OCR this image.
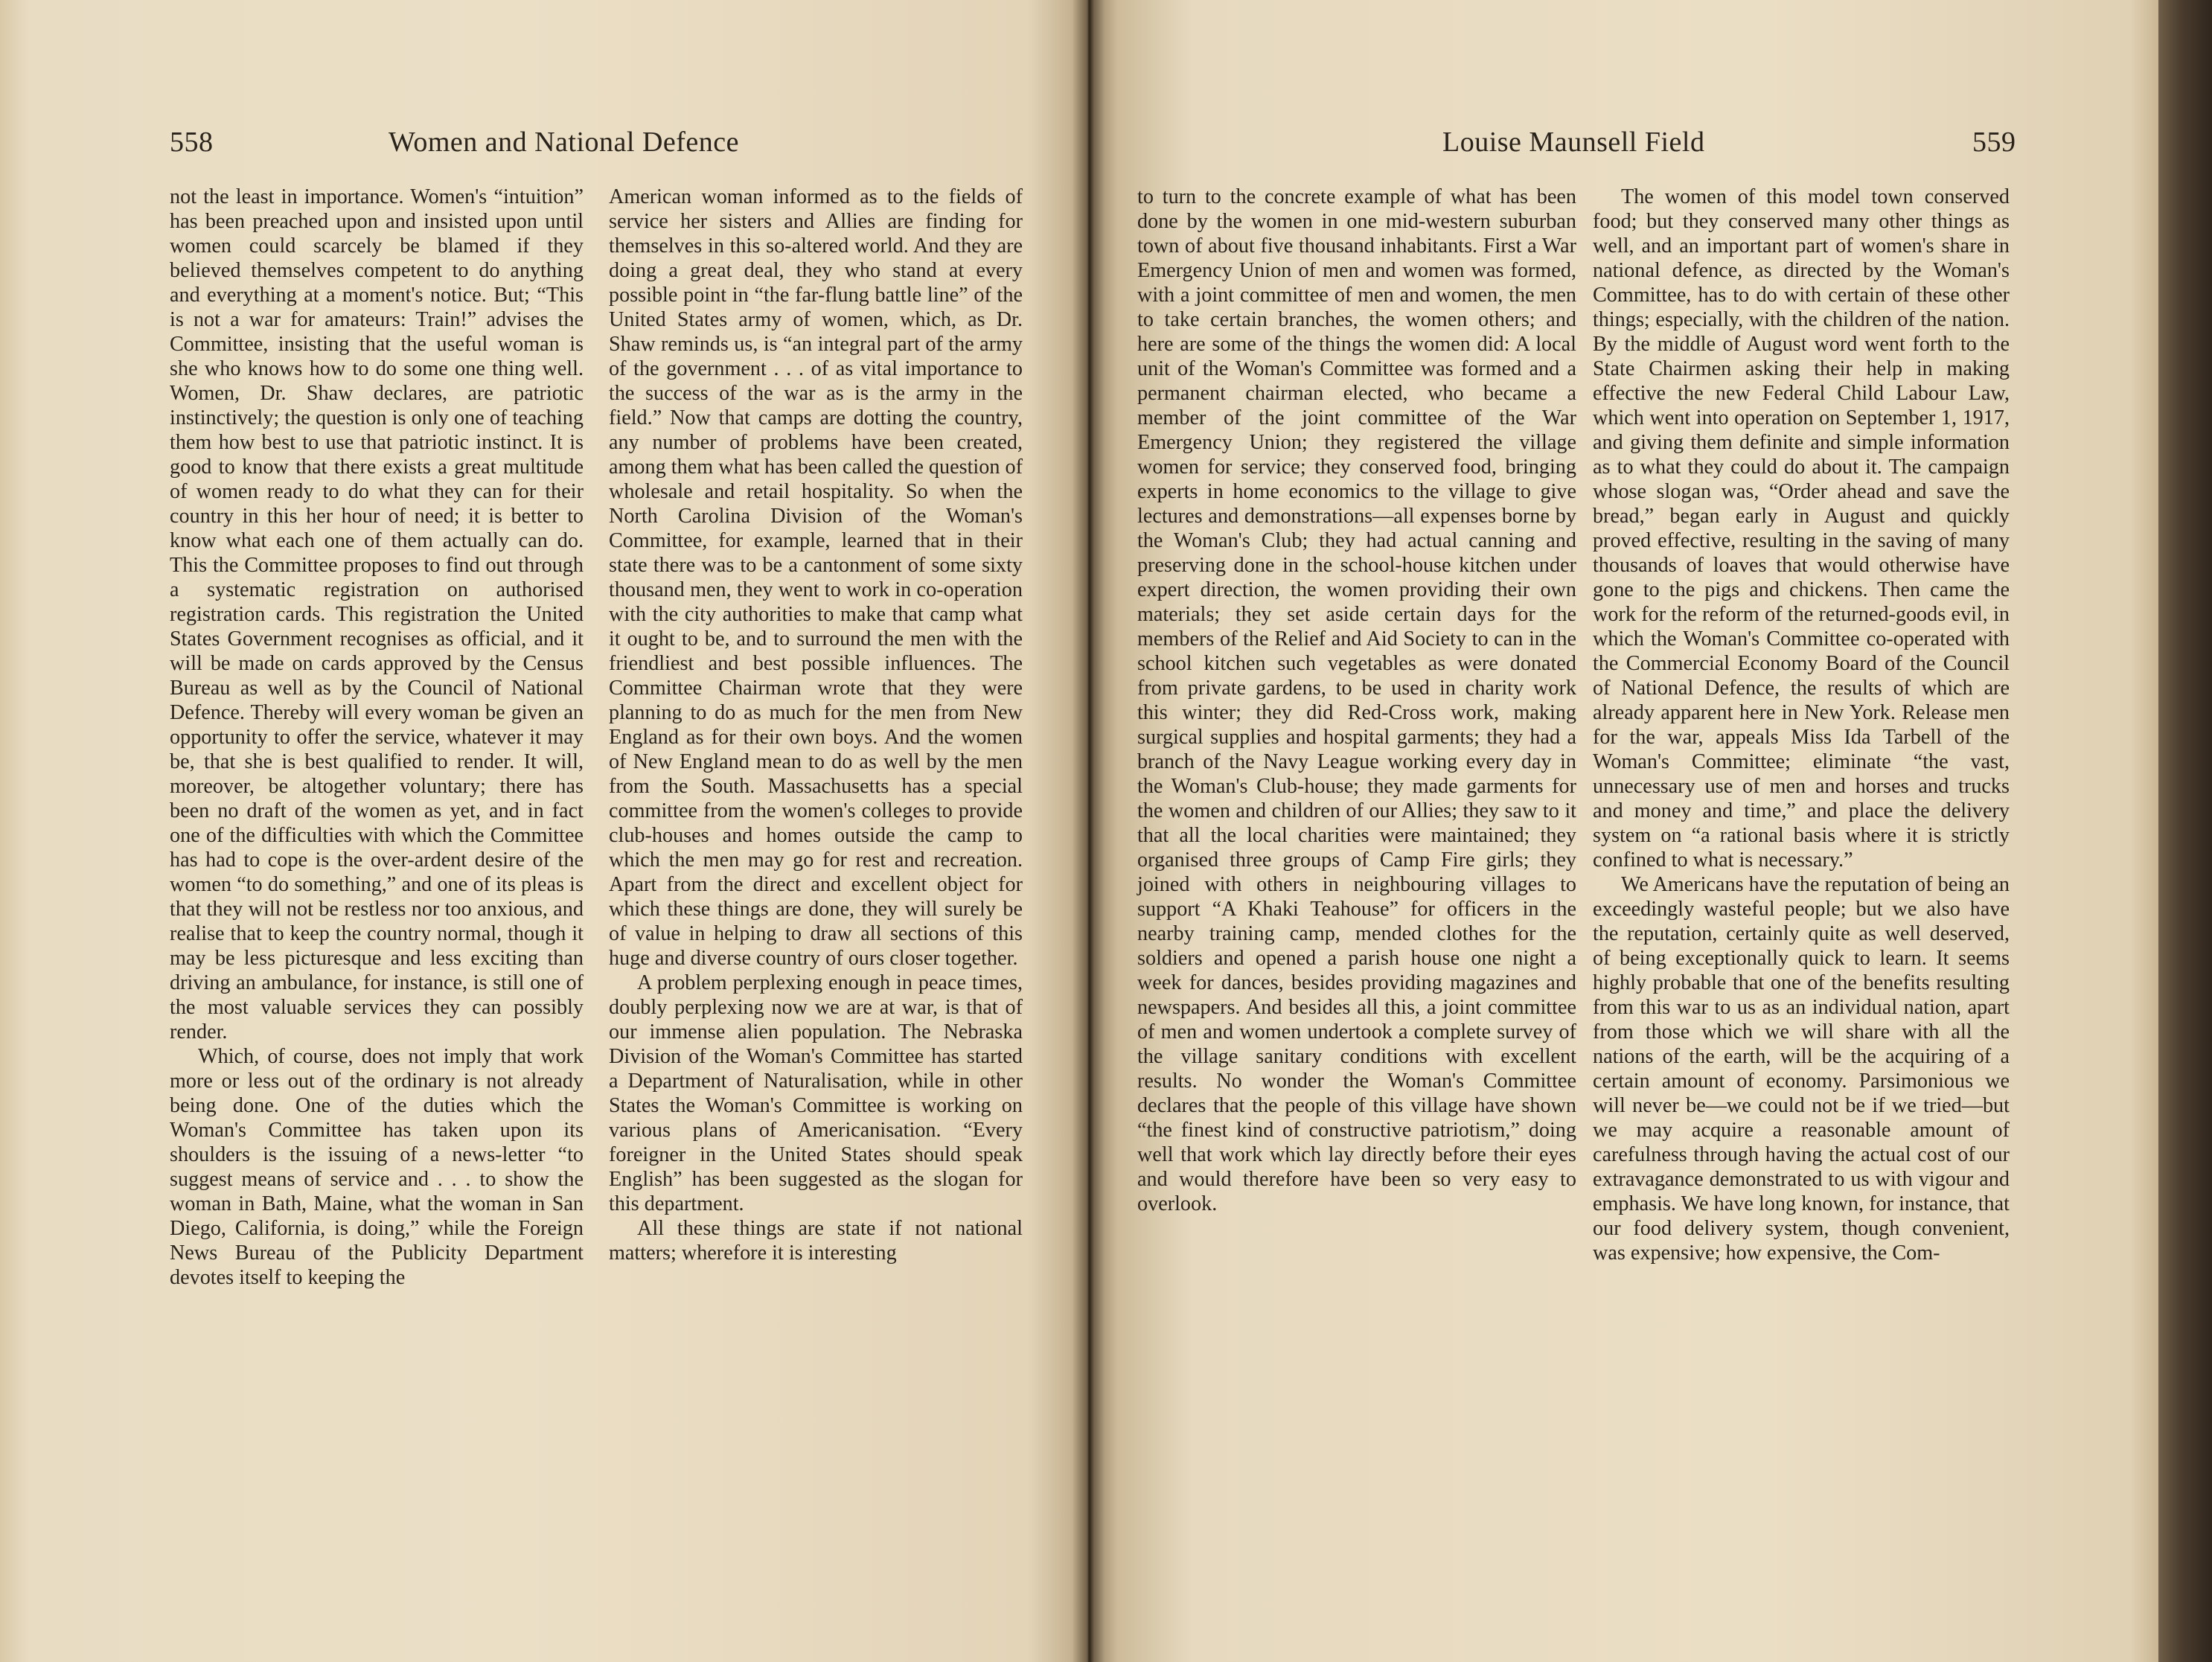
558	Women and National Defence

not the least in importance. Women's “intuition” has been preached upon and insisted upon until women could scarcely be blamed if they believed themselves competent to do anything and everything at a moment's notice. But; “This is not a war for amateurs: Train!” advises the Committee, insisting that the useful woman is she who knows how to do some one thing well. Women, Dr. Shaw declares, are patriotic instinctively; the question is only one of teaching them how best to use that patriotic instinct. It is good to know that there exists a great multitude of women ready to do what they can for their country in this her hour of need; it is better to know what each one of them actually can do. This the Committee proposes to find out through a systematic registration on authorised registration cards. This registration the United States Government recognises as official, and it will be made on cards approved by the Census Bureau as well as by the Council of National Defence. Thereby will every woman be given an opportunity to offer the service, whatever it may be, that she is best qualified to render. It will, moreover, be altogether voluntary; there has been no draft of the women as yet, and in fact one of the difficulties with which the Committee has had to cope is the over-ardent desire of the women “to do something,” and one of its pleas is that they will not be restless nor too anxious, and realise that to keep the country normal, though it may be less picturesque and less exciting than driving an ambulance, for instance, is still one of the most valuable services they can possibly render.

Which, of course, does not imply that work more or less out of the ordinary is not already being done. One of the duties which the Woman's Committee has taken upon its shoulders is the issuing of a news-letter “to suggest means of service and . . . to show the woman in Bath, Maine, what the woman in San Diego, California, is doing,” while the Foreign News Bureau of the Publicity Department devotes itself to keeping the

American woman informed as to the fields of service her sisters and Allies are finding for themselves in this so-altered world. And they are doing a great deal, they who stand at every possible point in “the far-flung battle line” of the United States army of women, which, as Dr. Shaw reminds us, is “an integral part of the army of the government . . . of as vital importance to the success of the war as is the army in the field.” Now that camps are dotting the country, any number of problems have been created, among them what has been called the question of wholesale and retail hospitality. So when the North Carolina Division of the Woman's Committee, for example, learned that in their state there was to be a cantonment of some sixty thousand men, they went to work in co-operation with the city authorities to make that camp what it ought to be, and to surround the men with the friendliest and best possible influences. The Committee Chairman wrote that they were planning to do as much for the men from New England as for their own boys. And the women of New England mean to do as well by the men from the South. Massachusetts has a special committee from the women's colleges to provide club-houses and homes outside the camp to which the men may go for rest and recreation. Apart from the direct and excellent object for which these things are done, they will surely be of value in helping to draw all sections of this huge and diverse country of ours closer together.

A problem perplexing enough in peace times, doubly perplexing now we are at war, is that of our immense alien population. The Nebraska Division of the Woman's Committee has started a Department of Naturalisation, while in other States the Woman's Committee is working on various plans of Americanisation. “Every foreigner in the United States should speak English” has been suggested as the slogan for this department.

All these things are state if not national matters; wherefore it is interesting

Louise Maunsell Field	559

to turn to the concrete example of what has been done by the women in one mid-western suburban town of about five thousand inhabitants. First a War Emergency Union of men and women was formed, with a joint committee of men and women, the men to take certain branches, the women others; and here are some of the things the women did: A local unit of the Woman's Committee was formed and a permanent chairman elected, who became a member of the joint committee of the War Emergency Union; they registered the village women for service; they conserved food, bringing experts in home economics to the village to give lectures and demonstrations—all expenses borne by the Woman's Club; they had actual canning and preserving done in the school-house kitchen under expert direction, the women providing their own materials; they set aside certain days for the members of the Relief and Aid Society to can in the school kitchen such vegetables as were donated from private gardens, to be used in charity work this winter; they did Red-Cross work, making surgical supplies and hospital garments; they had a branch of the Navy League working every day in the Woman's Club-house; they made garments for the women and children of our Allies; they saw to it that all the local charities were maintained; they organised three groups of Camp Fire girls; they joined with others in neighbouring villages to support “A Khaki Teahouse” for officers in the nearby training camp, mended clothes for the soldiers and opened a parish house one night a week for dances, besides providing magazines and newspapers. And besides all this, a joint committee of men and women undertook a complete survey of the village sanitary conditions with excellent results. No wonder the Woman's Committee declares that the people of this village have shown “the finest kind of constructive patriotism,” doing well that work which lay directly before their eyes and would therefore have been so very easy to overlook.

The women of this model town conserved food; but they conserved many other things as well, and an important part of women's share in national defence, as directed by the Woman's Committee, has to do with certain of these other things; especially, with the children of the nation. By the middle of August word went forth to the State Chairmen asking their help in making effective the new Federal Child Labour Law, which went into operation on September 1, 1917, and giving them definite and simple information as to what they could do about it. The campaign whose slogan was, “Order ahead and save the bread,” began early in August and quickly proved effective, resulting in the saving of many thousands of loaves that would otherwise have gone to the pigs and chickens. Then came the work for the reform of the returned-goods evil, in which the Woman's Committee co-operated with the Commercial Economy Board of the Council of National Defence, the results of which are already apparent here in New York. Release men for the war, appeals Miss Ida Tarbell of the Woman's Committee; eliminate “the vast, unnecessary use of men and horses and trucks and money and time,” and place the delivery system on “a rational basis where it is strictly confined to what is necessary.”

We Americans have the reputation of being an exceedingly wasteful people; but we also have the reputation, certainly quite as well deserved, of being exceptionally quick to learn. It seems highly probable that one of the benefits resulting from this war to us as an individual nation, apart from those which we will share with all the nations of the earth, will be the acquiring of a certain amount of economy. Parsimonious we will never be—we could not be if we tried—but we may acquire a reasonable amount of carefulness through having the actual cost of our extravagance demonstrated to us with vigour and emphasis. We have long known, for instance, that our food delivery system, though convenient, was expensive; how expensive, the Com-
